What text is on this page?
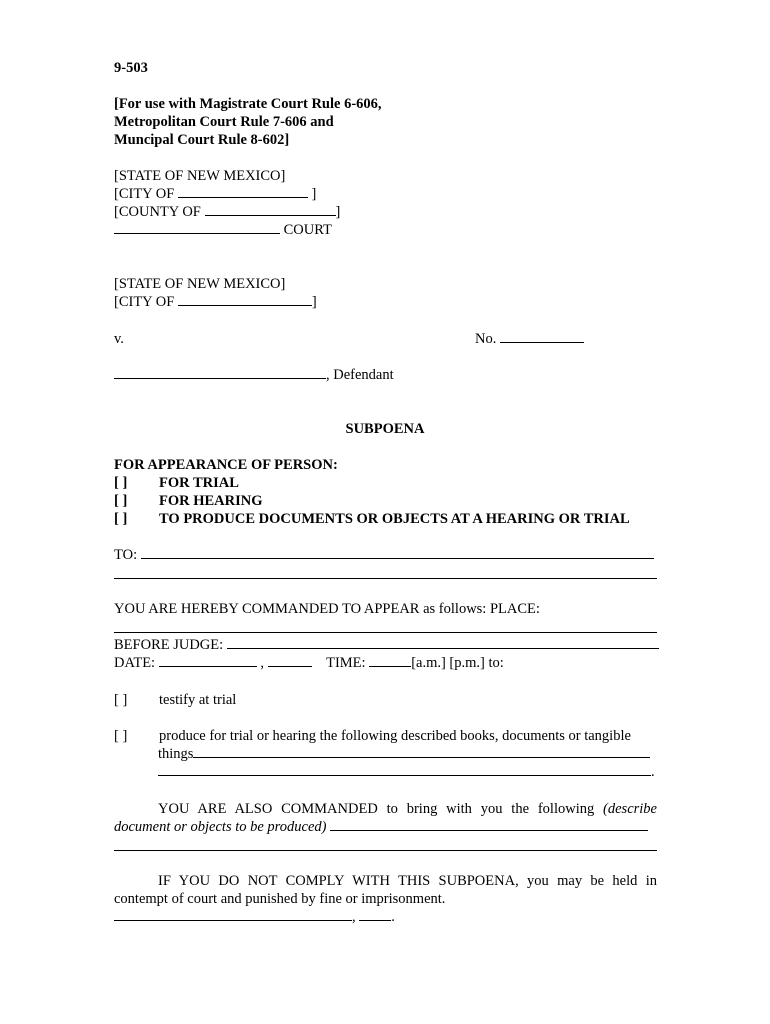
9-503
[For use with Magistrate Court Rule 6-606,
Metropolitan Court Rule 7-606 and
Muncipal Court Rule 8-602]
[STATE OF NEW MEXICO]
[CITY OF	]
[COUNTY OF	]
COURT
[STATE OF NEW MEXICO]
[CITY OF	]
v.	No.
, Defendant
SUBPOENA
FOR APPEARANCE OF PERSON:
[ ] FOR TRIAL
[ ] FOR HEARING
[ ] TO PRODUCE DOCUMENTS OR OBJECTS AT A HEARING OR TRIAL
TO:
YOU ARE HEREBY COMMANDED TO APPEAR as follows: PLACE:
BEFORE JUDGE:
DATE:	,	TIME:	[a.m.] [p.m.] to:
[ ] testify at trial
[ ] produce for trial or hearing the following described books, documents or tangible
things
.
YOU ARE ALSO COMMANDED to bring with you the following (describe
document or objects to be produced)
IF YOU DO NOT COMPLY WITH THIS SUBPOENA, you may be held in
contempt of court and punished by fine or imprisonment.
, .
